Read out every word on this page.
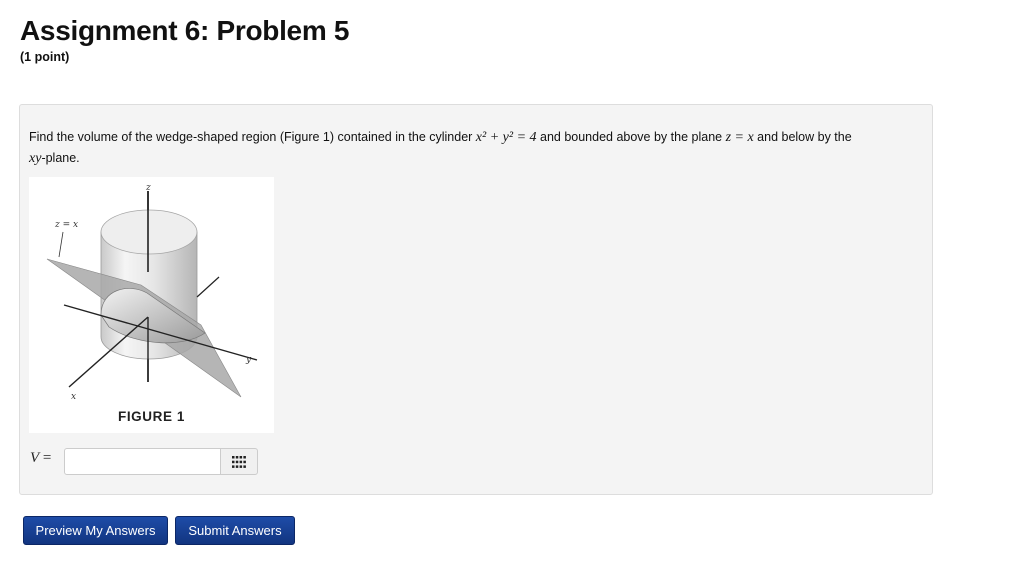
Assignment 6: Problem 5
(1 point)
Find the volume of the wedge-shaped region (Figure 1) contained in the cylinder x² + y² = 4 and bounded above by the plane z = x and below by the
xy-plane.
z = x
z
y
x
FIGURE 1
V =
Preview My Answers	Submit Answers
